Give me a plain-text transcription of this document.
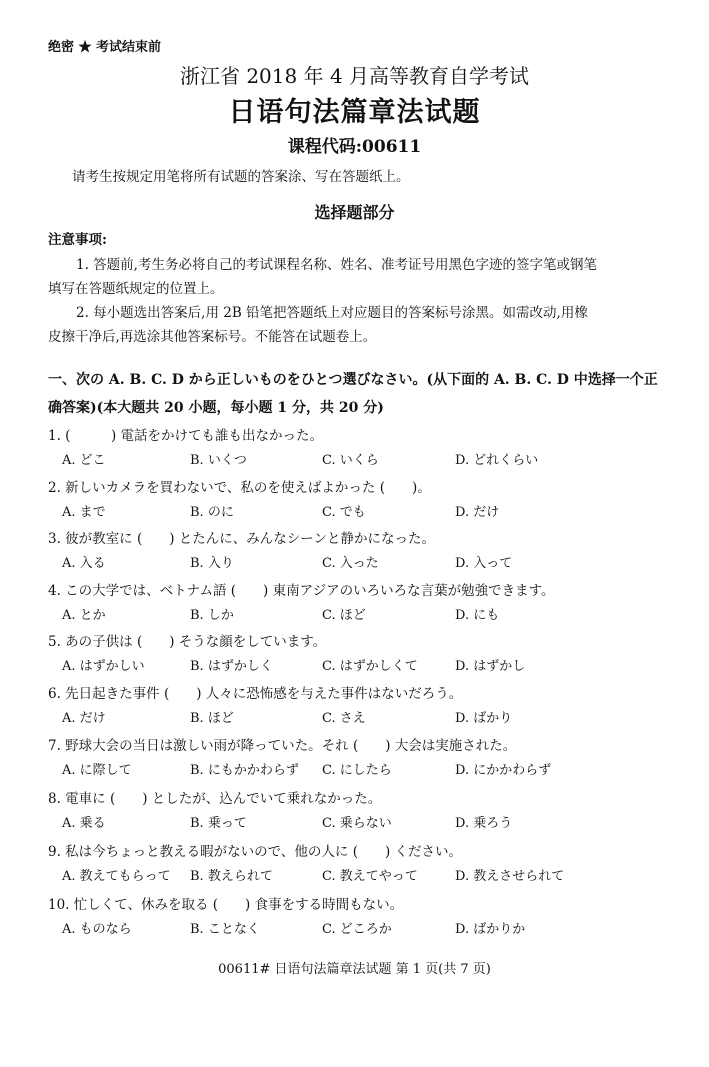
绝密 ★ 考试结束前
浙江省 2018 年 4 月高等教育自学考试
日语句法篇章法试题
课程代码:00611
请考生按规定用笔将所有试题的答案涂、写在答题纸上。
选择题部分
注意事项:
1. 答题前,考生务必将自己的考试课程名称、姓名、准考证号用黑色字迹的签字笔或钢笔
填写在答题纸规定的位置上。
2. 每小题选出答案后,用 2B 铅笔把答题纸上对应题目的答案标号涂黑。如需改动,用橡
皮擦干净后,再选涂其他答案标号。不能答在试题卷上。
一、次の A. B. C. D から正しいものをひとつ選びなさい。(从下面的 A. B. C. D 中选择一个正
确答案)(本大题共 20 小题，每小题 1 分，共 20 分)
1. (　　　) 電話をかけても誰も出なかった。
A. どこ	B. いくつ	C. いくら	D. どれくらい
2. 新しいカメラを買わないで、私のを使えばよかった (　　)。
A. まで	B. のに	C. でも	D. だけ
3. 彼が教室に (　　) とたんに、みんなシーンと静かになった。
A. 入る	B. 入り	C. 入った	D. 入って
4. この大学では、ベトナム語 (　　) 東南アジアのいろいろな言葉が勉強できます。
A. とか	B. しか	C. ほど	D. にも
5. あの子供は (　　) そうな顔をしています。
A. はずかしい	B. はずかしく	C. はずかしくて	D. はずかし
6. 先日起きた事件 (　　) 人々に恐怖感を与えた事件はないだろう。
A. だけ	B. ほど	C. さえ	D. ばかり
7. 野球大会の当日は激しい雨が降っていた。それ (　　) 大会は実施された。
A. に際して	B. にもかかわらず C. にしたら	D. にかかわらず
8. 電車に (　　) としたが、込んでいて乗れなかった。
A. 乗る	B. 乗って	C. 乗らない	D. 乗ろう
9. 私は今ちょっと教える暇がないので、他の人に (　　) ください。
A. 教えてもらって B. 教えられて	C. 教えてやって	D. 教えさせられて
10. 忙しくて、休みを取る (　　) 食事をする時間もない。
A. ものなら	B. ことなく	C. どころか	D. ばかりか
00611# 日语句法篇章法试题 第 1 页(共 7 页)
